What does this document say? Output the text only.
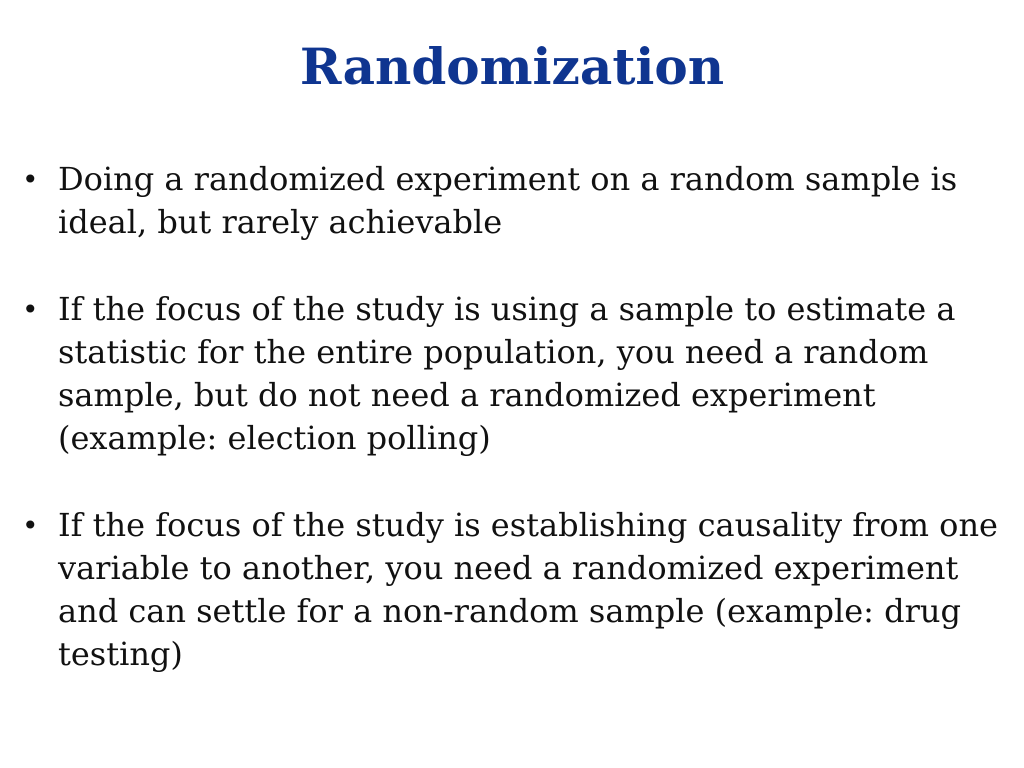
Randomization
• Doing a randomized experiment on a random sample is ideal, but rarely achievable
• If the focus of the study is using a sample to estimate a statistic for the entire population, you need a random sample, but do not need a randomized experiment (example: election polling)
• If the focus of the study is establishing causality from one variable to another, you need a randomized experiment and can settle for a non-random sample (example: drug testing)
